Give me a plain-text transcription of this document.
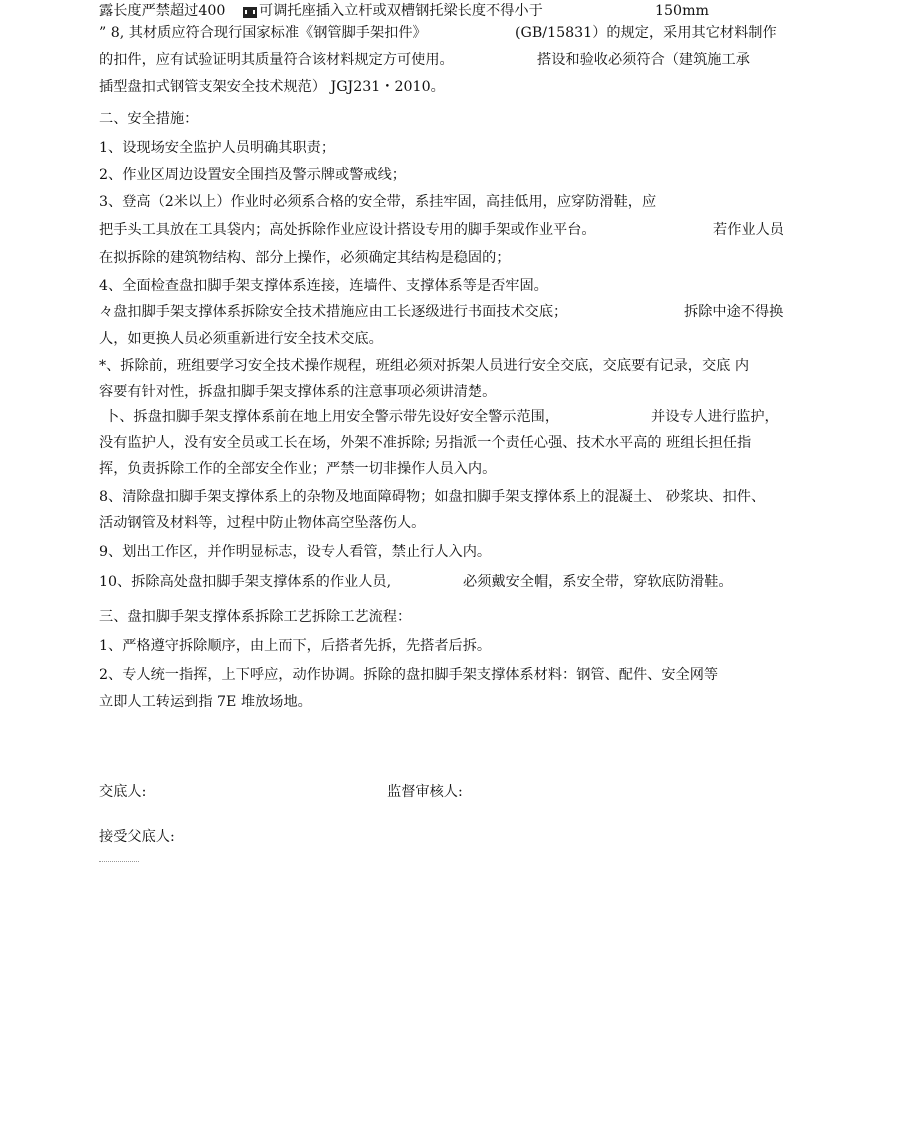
露长度严禁超过400

可调托座插入立杆或双槽钢托梁长度不得小于

	150mm

” 8, 其材质应符合现行国家标准《钢管脚手架扣件》

	(GB/15831）的规定，采用其它材料制作

的扣件，应有试验证明其质量符合该材料规定方可使用。

	搭设和验收必须符合（建筑施工承

插型盘扣式钢管支架安全技术规范） JGJ231・2010。

二、安全措施：

1、设现场安全监护人员明确其职责；

2、作业区周边设置安全围挡及警示牌或警戒线；

3、登高（2米以上）作业时必须系合格的安全带，系挂牢固，高挂低用，应穿防滑鞋，应

把手头工具放在工具袋内；高处拆除作业应设计搭设专用的脚手架或作业平台。

	若作业人员

在拟拆除的建筑物结构、部分上操作，必须确定其结构是稳固的；

4、全面检查盘扣脚手架支撑体系连接，连墙件、支撑体系等是否牢固。

々盘扣脚手架支撑体系拆除安全技术措施应由工长逐级进行书面技术交底；

	拆除中途不得换

人，如更换人员必须重新进行安全技术交底。

*、拆除前，班组要学习安全技术操作规程，班组必须对拆架人员进行安全交底，交底要有记录，交底 内

容要有针对性，拆盘扣脚手架支撑体系的注意事项必须讲清楚。

卜、拆盘扣脚手架支撑体系前在地上用安全警示带先设好安全警示范围，

	并设专人进行监护，

没有监护人，没有安全员或工长在场，外架不准拆除; 另指派一个责任心强、技术水平高的 班组长担任指

挥，负责拆除工作的全部安全作业；严禁一切非操作人员入内。

8、清除盘扣脚手架支撑体系上的杂物及地面障碍物；如盘扣脚手架支撑体系上的混凝土、 砂浆块、扣件、

活动钢管及材料等，过程中防止物体高空坠落伤人。

9、划出工作区，并作明显标志，设专人看管，禁止行人入内。

10、拆除高处盘扣脚手架支撑体系的作业人员,

	必须戴安全帽，系安全带，穿软底防滑鞋。

三、盘扣脚手架支撑体系拆除工艺拆除工艺流程：

1、严格遵守拆除顺序，由上而下，后搭者先拆，先搭者后拆。

2、专人统一指挥，上下呼应，动作协调。拆除的盘扣脚手架支撑体系材料：钢管、配件、安全网等

立即人工转运到指 7E 堆放场地。

交底人:

	监督审核人:

接受父底人:
